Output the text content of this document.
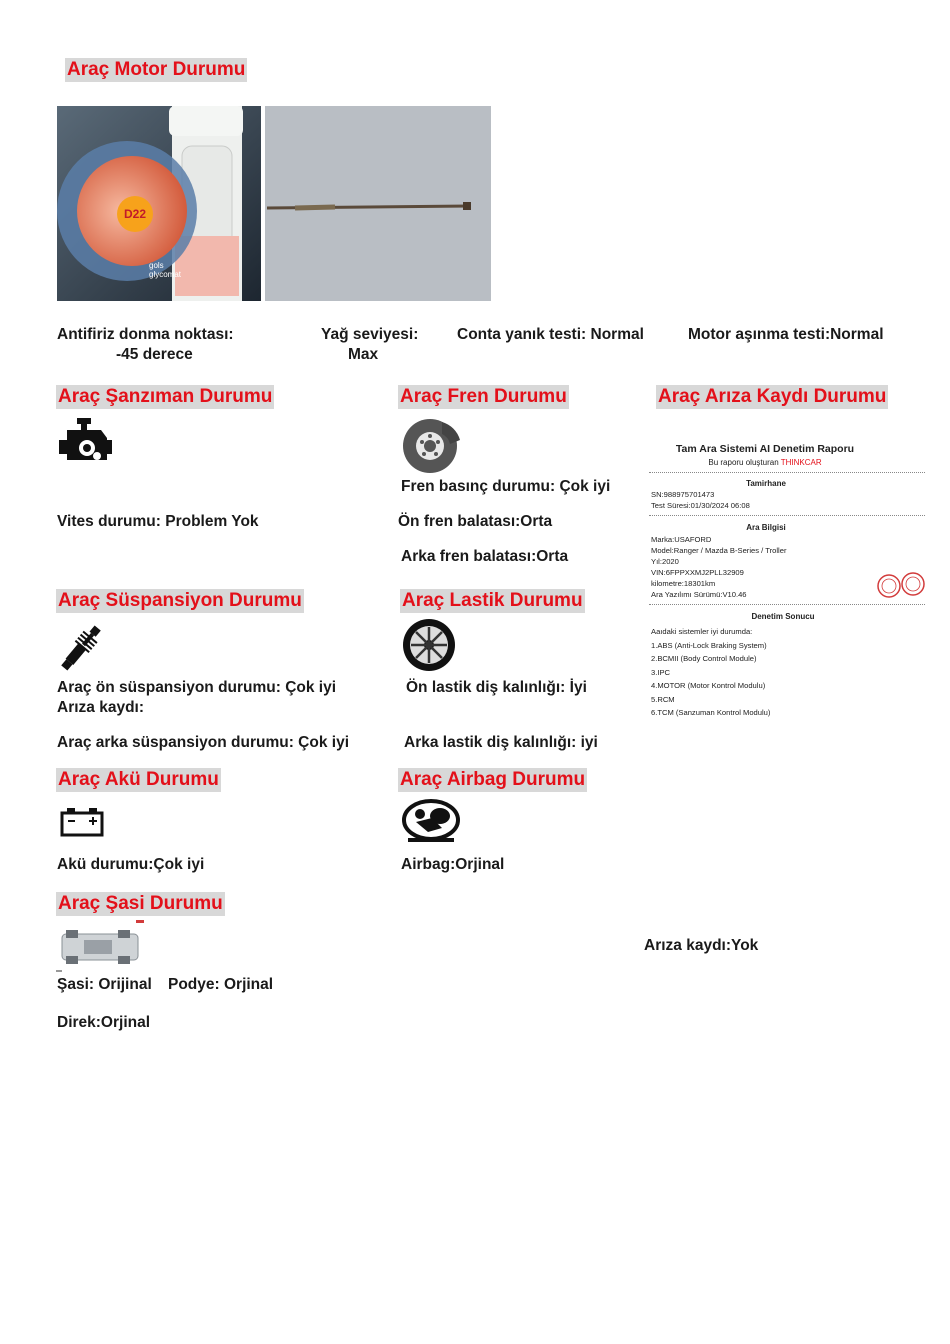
Araç Motor Durumu
D22
gols
glycomat
Antifiriz donma noktası:
-45 derece
Yağ seviyesi:
Max
Conta yanık testi: Normal	Motor aşınma testi:Normal
Araç Şanzıman Durumu
Vites durumu: Problem Yok
Araç Fren Durumu
Fren basınç durumu: Çok iyi
Ön fren balatası:Orta
Arka fren balatası:Orta
Araç Arıza Kaydı Durumu
Tam Ara Sistemi AI Denetim Raporu
Bu raporu oluşturan THINKCAR
Tamirhane
SN:988975701473
Test Süresi:01/30/2024 06:08
Ara Bilgisi
Marka:USAFORD
Model:Ranger / Mazda B-Series / Troller
Yıl:2020
VIN:6FPPXXMJ2PLL32909
kilometre:18301km
Ara Yazılımı Sürümü:V10.46
Denetim Sonucu
Aaıdaki sistemler iyi durumda:
1.ABS (Anti-Lock Braking System)
2.BCMII (Body Control Module)
3.IPC
4.MOTOR (Motor Kontrol Modulu)
5.RCM
6.TCM (Sanzuman Kontrol Modulu)
Arıza kaydı:Yok
Araç Süspansiyon Durumu
Araç ön süspansiyon durumu: Çok iyi
Arıza kaydı:
Araç arka süspansiyon durumu: Çok iyi
Araç Lastik Durumu
Ön lastik diş kalınlığı: İyi
Arka lastik diş kalınlığı: iyi
Araç Akü Durumu
Akü durumu:Çok iyi
Araç Airbag Durumu
Airbag:Orjinal
Araç Şasi Durumu
Şasi: Orijinal Podye: Orjinal
Direk:Orjinal
